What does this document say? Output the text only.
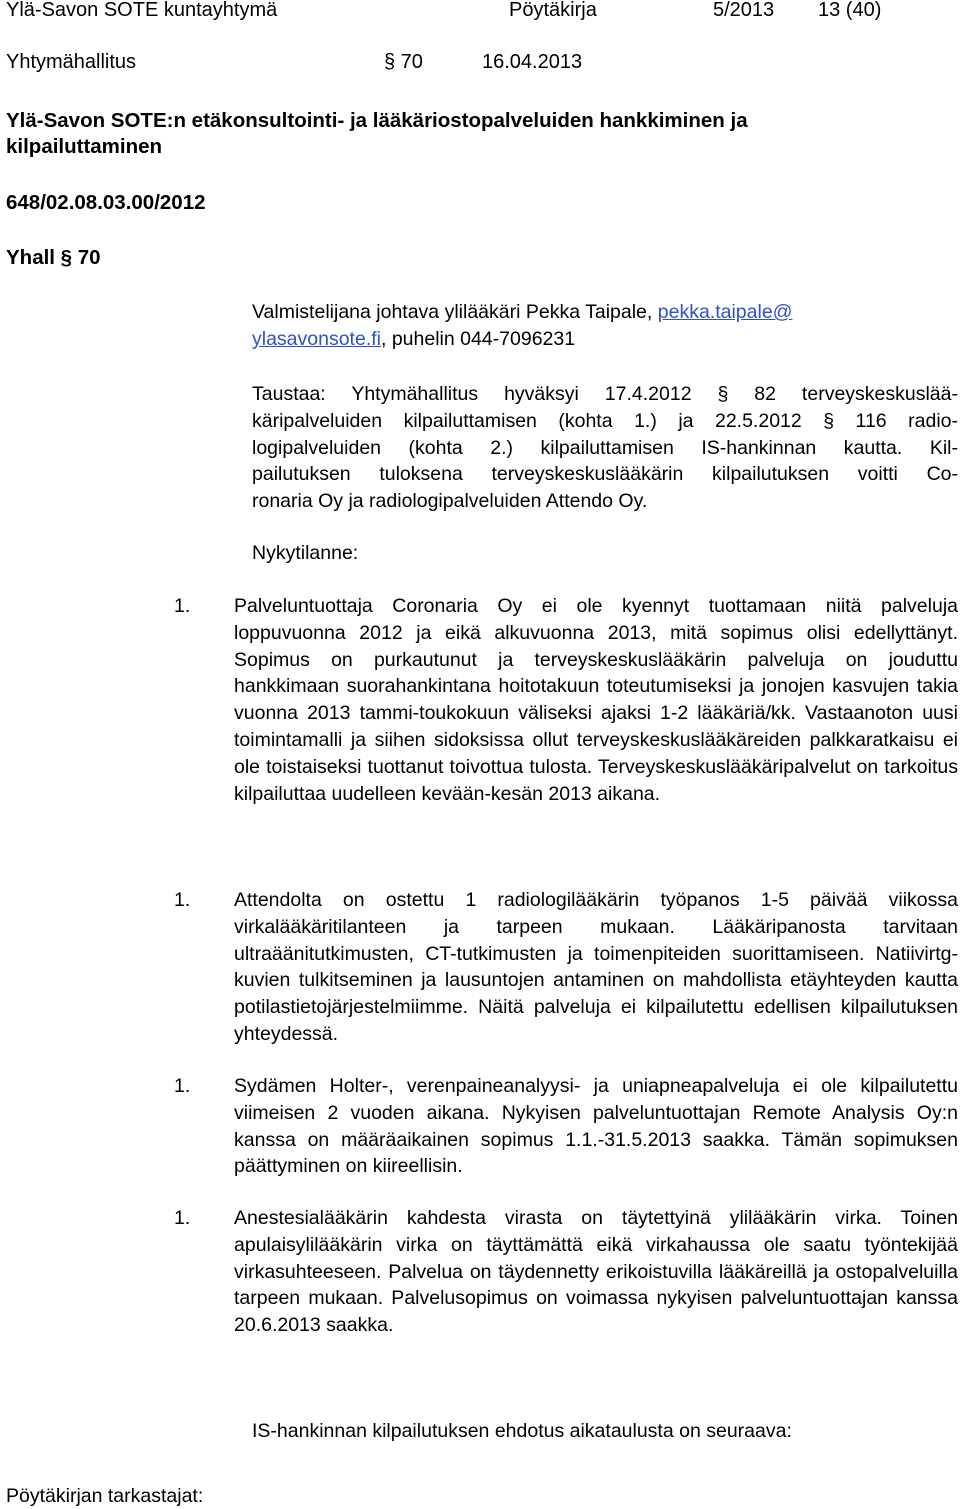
Ylä-Savon SOTE kuntayhtymä	Pöytäkirja	5/2013 13 (40)
Yhtymähallitus	§ 70	16.04.2013
Ylä-Savon SOTE:n etäkonsultointi- ja lääkäriostopalveluiden hankkiminen ja
kilpailuttaminen
648/02.08.03.00/2012
Yhall § 70
Valmistelijana johtava ylilääkäri Pekka Taipale, pekka.taipale@
ylasavonsote.fi, puhelin 044-7096231
Taustaa: Yhtymähallitus hyväksyi 17.4.2012 § 82 terveyskeskuslää-
käripalveluiden kilpailuttamisen (kohta 1.) ja 22.5.2012 § 116 radio-
logipalveluiden (kohta 2.) kilpailuttamisen IS-hankinnan kautta. Kil-
pailutuksen tuloksena terveyskeskuslääkärin kilpailutuksen voitti Co-
ronaria Oy ja radiologipalveluiden Attendo Oy.
Nykytilanne:
1. Palveluntuottaja Coronaria Oy ei ole kyennyt tuottamaan niitä palveluja loppuvuonna 2012 ja eikä alkuvuonna 2013, mitä sopimus olisi edellyttänyt. Sopimus on purkautunut ja terveyskeskuslääkärin palveluja on jouduttu hankkimaan suorahankintana hoitotakuun toteutumiseksi ja jonojen kasvujen takia vuonna 2013 tammi-toukokuun väliseksi ajaksi 1-2 lääkäriä/kk. Vastaanoton uusi toimintamalli ja siihen sidoksissa ollut terveyskeskuslääkäreiden palkkaratkaisu ei ole toistaiseksi tuottanut toivottua tulosta. Terveyskeskuslääkäripalvelut on tarkoitus kilpailuttaa uudelleen kevään-kesän 2013 aikana.
1. Attendolta on ostettu 1 radiologilääkärin työpanos 1-5 päivää viikossa virkalääkäritilanteen ja tarpeen mukaan. Lääkäripanosta tarvitaan ultraäänitutkimusten, CT-tutkimusten ja toimenpiteiden suorittamiseen. Natiivirtg-kuvien tulkitseminen ja lausuntojen antaminen on mahdollista etäyhteyden kautta potilastietojärjestelmiimme. Näitä palveluja ei kilpailutettu edellisen kilpailutuksen yhteydessä.
1. Sydämen Holter-, verenpaineanalyysi- ja uniapneapalveluja ei ole kilpailutettu viimeisen 2 vuoden aikana. Nykyisen palveluntuottajan Remote Analysis Oy:n kanssa on määräaikainen sopimus 1.1.-31.5.2013 saakka. Tämän sopimuksen päättyminen on kiireellisin.
1. Anestesialääkärin kahdesta virasta on täytettyinä ylilääkärin virka. Toinen apulaisylilääkärin virka on täyttämättä eikä virkahaussa ole saatu työntekijää virkasuhteeseen. Palvelua on täydennetty erikoistuvilla lääkäreillä ja ostopalveluilla tarpeen mukaan. Palvelusopimus on voimassa nykyisen palveluntuottajan kanssa 20.6.2013 saakka.
IS-hankinnan kilpailutuksen ehdotus aikataulusta on seuraava:
Pöytäkirjan tarkastajat:
